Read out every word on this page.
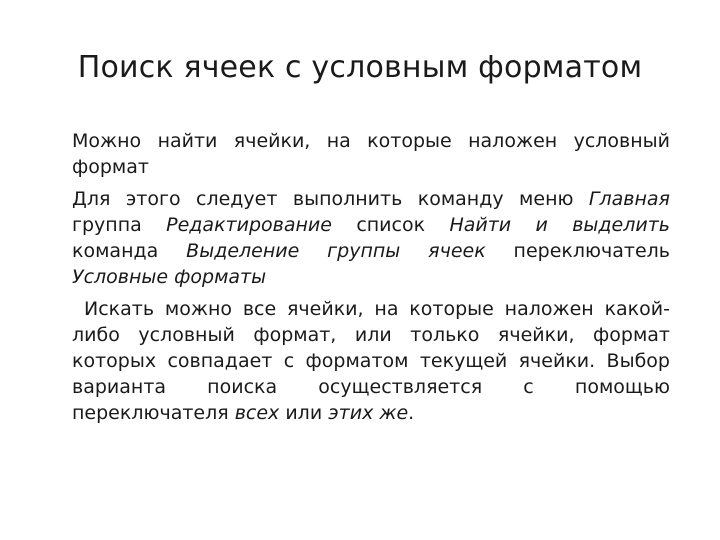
Поиск ячеек с условным форматом

Можно найти ячейки, на которые наложен условный формат

Для этого следует выполнить команду меню Главная группа Редактирование список Найти и выделить команда Выделение группы ячеек переключатель Условные форматы

Искать можно все ячейки, на которые наложен какой-либо условный формат, или только ячейки, формат которых совпадает с форматом текущей ячейки. Выбор варианта поиска осуществляется с помощью переключателя всех или этих же.
